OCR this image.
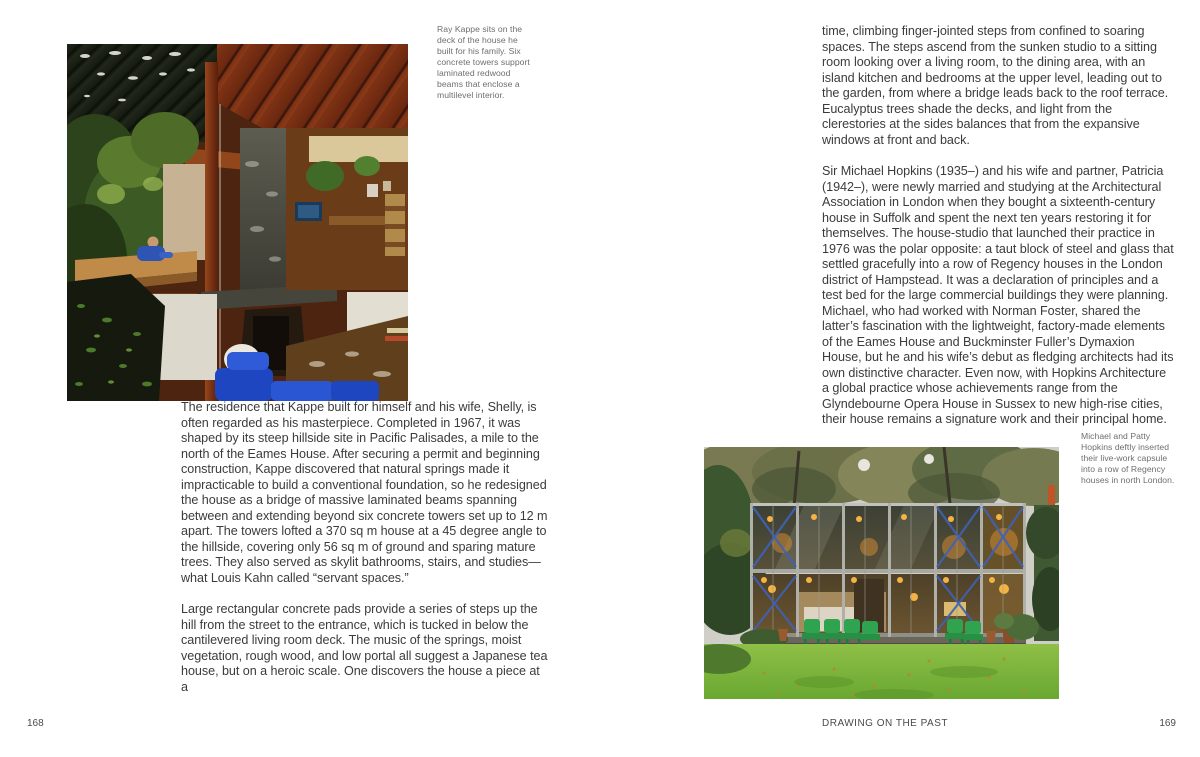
Ray Kappe sits on the deck of the house he built for his family. Six concrete towers support laminated redwood beams that enclose a multilevel interior.

The residence that Kappe built for himself and his wife, Shelly, is often regarded as his masterpiece. Completed in 1967, it was shaped by its steep hillside site in Pacific Palisades, a mile to the north of the Eames House. After securing a permit and beginning construction, Kappe discovered that natural springs made it impracticable to build a conventional foundation, so he redesigned the house as a bridge of massive laminated beams spanning between and extending beyond six concrete towers set up to 12 m apart. The towers lofted a 370 sq m house at a 45 degree angle to the hillside, covering only 56 sq m of ground and sparing mature trees. They also served as skylit bathrooms, stairs, and studies—what Louis Kahn called “servant spaces.”

Large rectangular concrete pads provide a series of steps up the hill from the street to the entrance, which is tucked in below the cantilevered living room deck. The music of the springs, moist vegetation, rough wood, and low portal all suggest a Japanese tea house, but on a heroic scale. One discovers the house a piece at a

168

time, climbing finger-jointed steps from confined to soaring spaces. The steps ascend from the sunken studio to a sitting room looking over a living room, to the dining area, with an island kitchen and bedrooms at the upper level, leading out to the garden, from where a bridge leads back to the roof terrace. Eucalyptus trees shade the decks, and light from the clerestories at the sides balances that from the expansive windows at front and back.

Sir Michael Hopkins (1935–) and his wife and partner, Patricia (1942–), were newly married and studying at the Architectural Association in London when they bought a sixteenth-century house in Suffolk and spent the next ten years restoring it for themselves. The house-studio that launched their practice in 1976 was the polar opposite: a taut block of steel and glass that settled gracefully into a row of Regency houses in the London district of Hampstead. It was a declaration of principles and a test bed for the large commercial buildings they were planning. Michael, who had worked with Norman Foster, shared the latter’s fascination with the lightweight, factory-made elements of the Eames House and Buckminster Fuller’s Dymaxion House, but he and his wife’s debut as fledging architects had its own distinctive character. Even now, with Hopkins Architecture a global practice whose achievements range from the Glyndebourne Opera House in Sussex to new high-rise cities, their house remains a signature work and their principal home.

Michael and Patty Hopkins deftly inserted their live-work capsule into a row of Regency houses in north London.
DRAWING ON THE PAST	169
